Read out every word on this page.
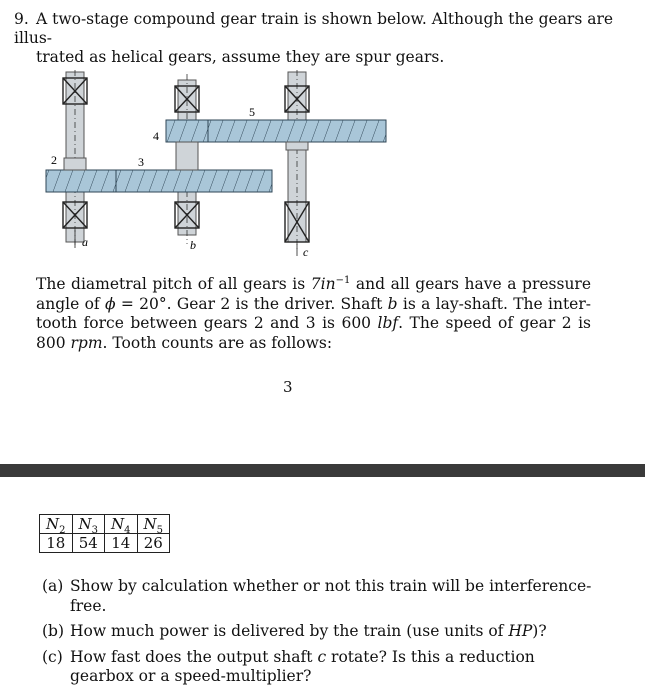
9. A two-stage compound gear train is shown below. Although the gears are illus-
trated as helical gears, assume they are spur gears.
2	3
4
5
a	b	c
The diametral pitch of all gears is $7in^{-1}$ and all gears have a pressure angle of ϕ = 20°. Gear 2 is the driver. Shaft b is a lay-shaft. The inter-tooth force between gears 2 and 3 is 600 lbf. The speed of gear 2 is 800 rpm. Tooth counts are as follows:
3
$N_2$	$N_3$	$N_4$	$N_5$
18	54	14	26
(a) Show by calculation whether or not this train will be interference-free.
(b) How much power is delivered by the train (use units of HP)?
(c) How fast does the output shaft c rotate? Is this a reduction gearbox or a speed-multiplier?
